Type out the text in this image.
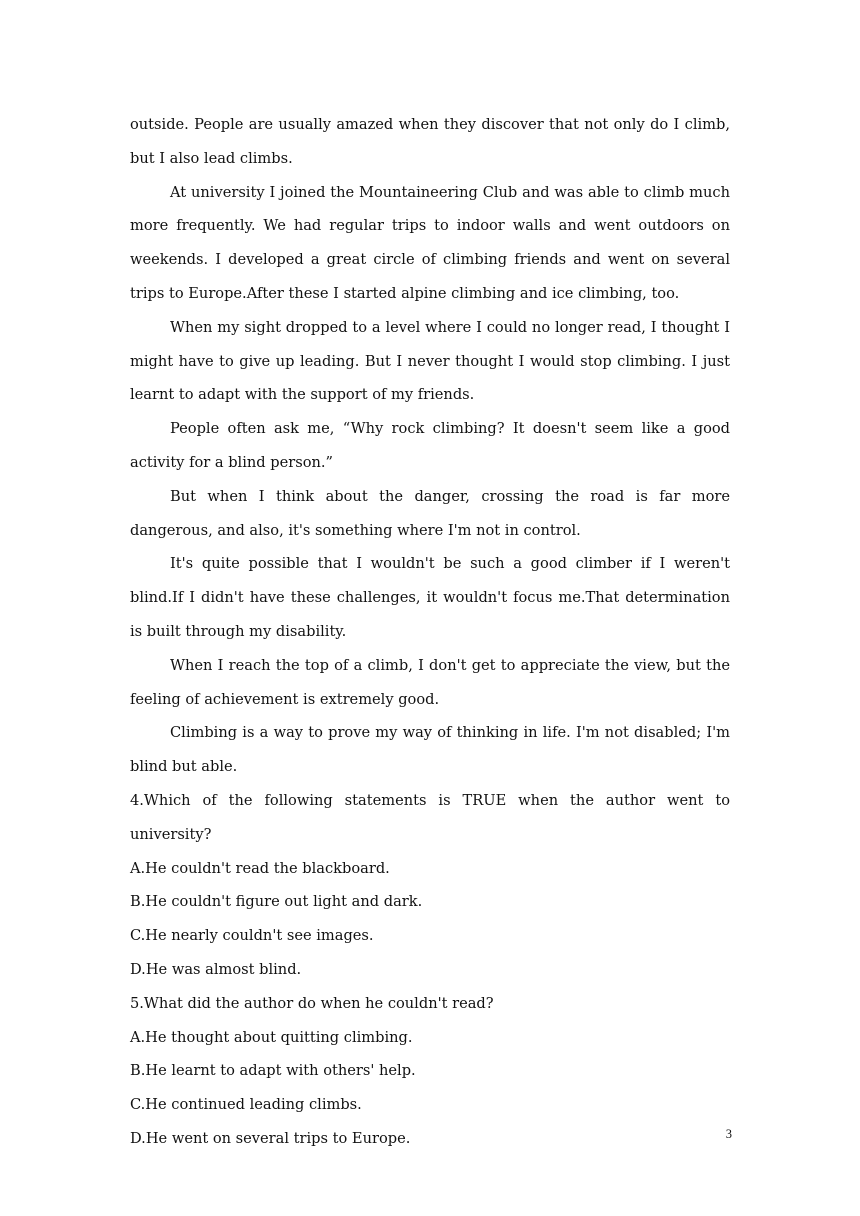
outside. People are usually amazed when they discover that not only do I climb, but I also lead climbs.

At university I joined the Mountaineering Club and was able to climb much more frequently. We had regular trips to indoor walls and went outdoors on weekends. I developed a great circle of climbing friends and went on several trips to Europe.After these I started alpine climbing and ice climbing, too.

When my sight dropped to a level where I could no longer read, I thought I might have to give up leading. But I never thought I would stop climbing. I just learnt to adapt with the support of my friends.

People often ask me, “Why rock climbing? It doesn't seem like a good activity for a blind person.”

But when I think about the danger, crossing the road is far more dangerous, and also, it's something where I'm not in control.

It's quite possible that I wouldn't be such a good climber if I weren't blind.If I didn't have these challenges, it wouldn't focus me.That determination is built through my disability.

When I reach the top of a climb, I don't get to appreciate the view, but the feeling of achievement is extremely good.

Climbing is a way to prove my way of thinking in life. I'm not disabled; I'm blind but able.

4.Which of the following statements is TRUE when the author went to university?

A.He couldn't read the blackboard.

B.He couldn't figure out light and dark.

C.He nearly couldn't see images.

D.He was almost blind.

5.What did the author do when he couldn't read?

A.He thought about quitting climbing.

B.He learnt to adapt with others' help.

C.He continued leading climbs.

D.He went on several trips to Europe.	3
